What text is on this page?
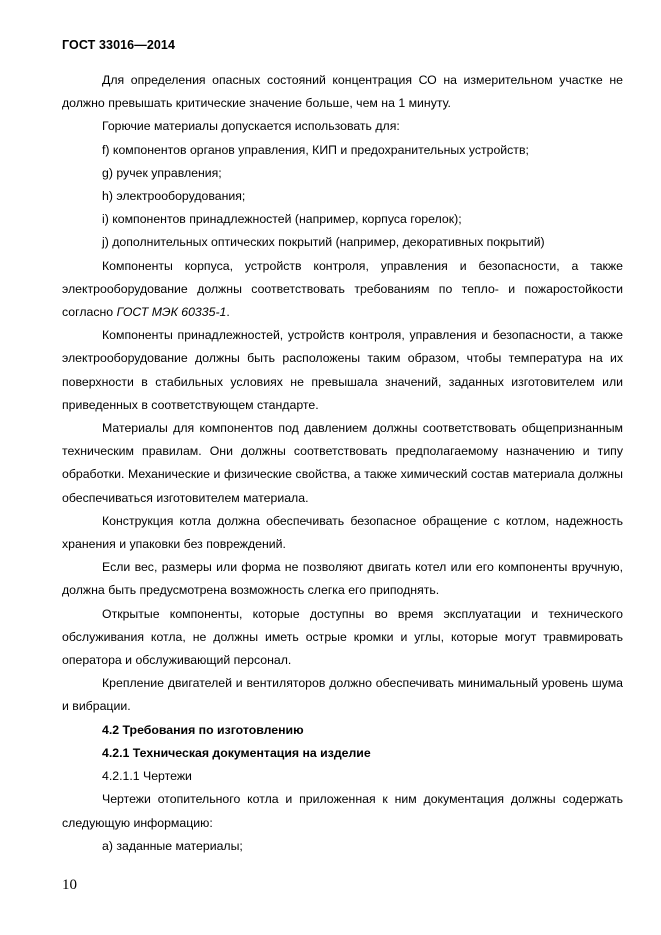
ГОСТ 33016—2014

Для определения опасных состояний концентрация СО на измерительном участке не должно превышать критические значение больше, чем на 1 минуту.

Горючие материалы допускается использовать для:

f) компонентов органов управления, КИП и предохранительных устройств;

g) ручек управления;

h) электрооборудования;

i) компонентов принадлежностей (например, корпуса горелок);

j) дополнительных оптических покрытий (например, декоративных покрытий)

Компоненты корпуса, устройств контроля, управления и безопасности, а также электрооборудование должны соответствовать требованиям по тепло- и пожаростойкости согласно ГОСТ МЭК 60335-1.

Компоненты принадлежностей, устройств контроля, управления и безопасности, а также электрооборудование должны быть расположены таким образом, чтобы температура на их поверхности в стабильных условиях не превышала значений, заданных изготовителем или приведенных в соответствующем стандарте.

Материалы для компонентов под давлением должны соответствовать общепризнанным техническим правилам. Они должны соответствовать предполагаемому назначению и типу обработки. Механические и физические свойства, а также химический состав материала должны обеспечиваться изготовителем материала.

Конструкция котла должна обеспечивать безопасное обращение с котлом, надежность хранения и упаковки без повреждений.

Если вес, размеры или форма не позволяют двигать котел или его компоненты вручную, должна быть предусмотрена возможность слегка его приподнять.

Открытые компоненты, которые доступны во время эксплуатации и технического обслуживания котла, не должны иметь острые кромки и углы, которые могут травмировать оператора и обслуживающий персонал.

Крепление двигателей и вентиляторов должно обеспечивать минимальный уровень шума и вибрации.

4.2 Требования по изготовлению

4.2.1 Техническая документация на изделие

4.2.1.1 Чертежи

Чертежи отопительного котла и приложенная к ним документация должны содержать следующую информацию:

а) заданные материалы;

10
